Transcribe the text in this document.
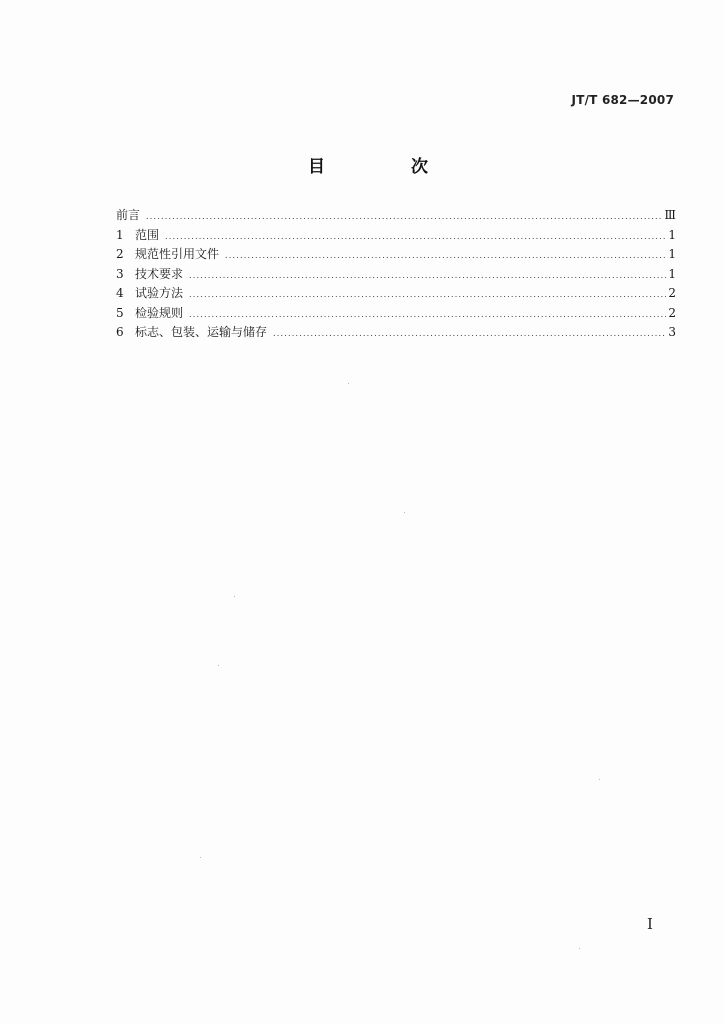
JT/T 682—2007
目 次
前言 .....	Ⅲ
1 范围 .....	1
2 规范性引用文件 .....	1
3 技术要求 .....	1
4 试验方法 .....	2
5 检验规则 .....	2
6 标志、包装、运输与储存 .....	3
I
